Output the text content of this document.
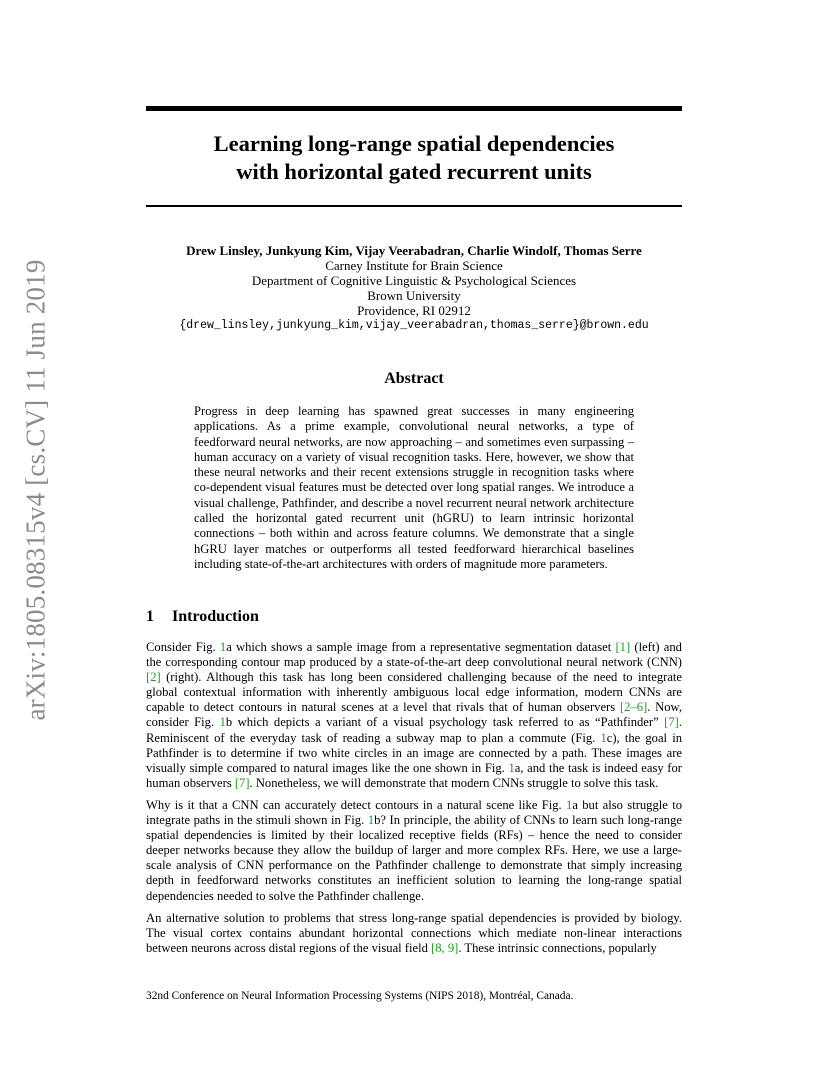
arXiv:1805.08315v4 [cs.CV] 11 Jun 2019
Learning long-range spatial dependencies
with horizontal gated recurrent units
Drew Linsley, Junkyung Kim, Vijay Veerabadran, Charlie Windolf, Thomas Serre
Carney Institute for Brain Science
Department of Cognitive Linguistic & Psychological Sciences
Brown University
Providence, RI 02912
{drew_linsley,junkyung_kim,vijay_veerabadran,thomas_serre}@brown.edu
Abstract
Progress in deep learning has spawned great successes in many engineering applications. As a prime example, convolutional neural networks, a type of feedforward neural networks, are now approaching – and sometimes even surpassing – human accuracy on a variety of visual recognition tasks. Here, however, we show that these neural networks and their recent extensions struggle in recognition tasks where co-dependent visual features must be detected over long spatial ranges. We introduce a visual challenge, Pathfinder, and describe a novel recurrent neural network architecture called the horizontal gated recurrent unit (hGRU) to learn intrinsic horizontal connections – both within and across feature columns. We demonstrate that a single hGRU layer matches or outperforms all tested feedforward hierarchical baselines including state-of-the-art architectures with orders of magnitude more parameters.
1 Introduction

Consider Fig. 1a which shows a sample image from a representative segmentation dataset [1] (left) and the corresponding contour map produced by a state-of-the-art deep convolutional neural network (CNN) [2] (right). Although this task has long been considered challenging because of the need to integrate global contextual information with inherently ambiguous local edge information, modern CNNs are capable to detect contours in natural scenes at a level that rivals that of human observers [2–6]. Now, consider Fig. 1b which depicts a variant of a visual psychology task referred to as “Pathfinder” [7]. Reminiscent of the everyday task of reading a subway map to plan a commute (Fig. 1c), the goal in Pathfinder is to determine if two white circles in an image are connected by a path. These images are visually simple compared to natural images like the one shown in Fig. 1a, and the task is indeed easy for human observers [7]. Nonetheless, we will demonstrate that modern CNNs struggle to solve this task.

Why is it that a CNN can accurately detect contours in a natural scene like Fig. 1a but also struggle to integrate paths in the stimuli shown in Fig. 1b? In principle, the ability of CNNs to learn such long-range spatial dependencies is limited by their localized receptive fields (RFs) – hence the need to consider deeper networks because they allow the buildup of larger and more complex RFs. Here, we use a large-scale analysis of CNN performance on the Pathfinder challenge to demonstrate that simply increasing depth in feedforward networks constitutes an inefficient solution to learning the long-range spatial dependencies needed to solve the Pathfinder challenge.

An alternative solution to problems that stress long-range spatial dependencies is provided by biology. The visual cortex contains abundant horizontal connections which mediate non-linear interactions between neurons across distal regions of the visual field [8, 9]. These intrinsic connections, popularly

32nd Conference on Neural Information Processing Systems (NIPS 2018), Montréal, Canada.
